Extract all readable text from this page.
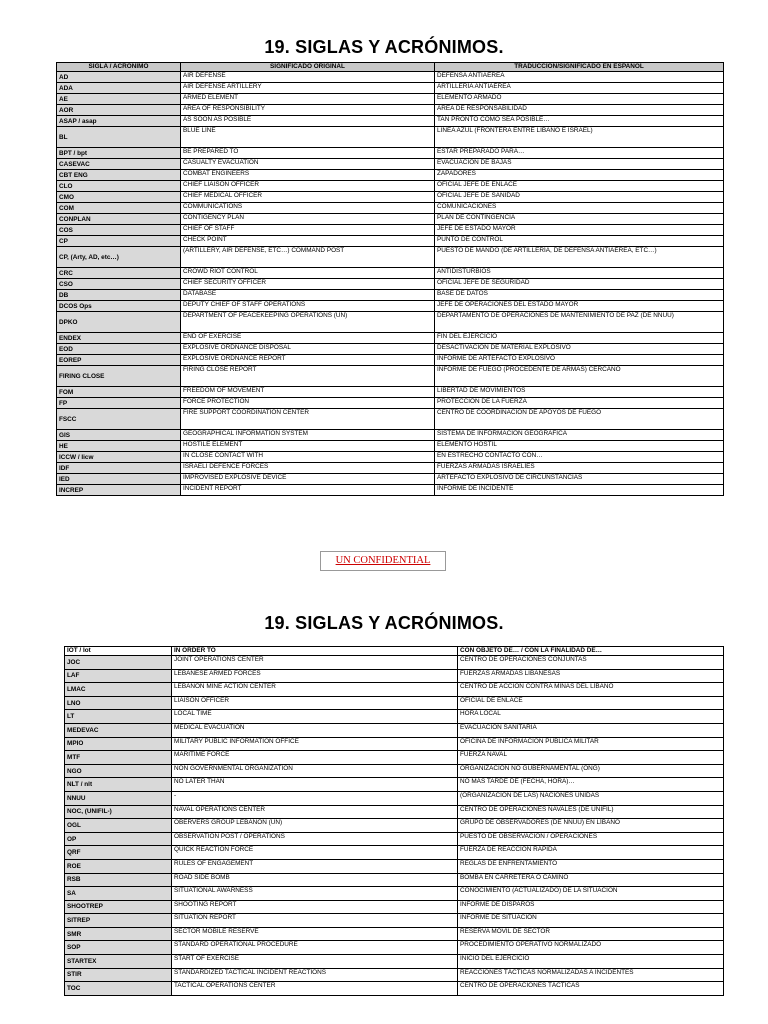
19. SIGLAS Y ACRÓNIMOS.
SIGLA / ACRÓNIMO	SIGNIFICADO ORIGINAL	TRADUCCIÓN/SIGNIFICADO EN ESPAÑOL
AD	AIR DEFENSE	DEFENSA ANTIAÉREA
ADA	AIR DEFENSE ARTILLERY	ARTILLERÍA ANTIAÉREA
AE	ARMED ELEMENT	ELEMENTO ARMADO
AOR	AREA OF RESPONSIBILITY	AREA DE RESPONSABILIDAD
ASAP / asap	AS SOON AS POSIBLE	TAN PRONTO COMO SEA POSIBLE…
BL	BLUE LINE	LINEA AZUL (FRONTERA ENTRE LIBANO E ISRAEL)
BPT / bpt	BE PREPARED TO	ESTAR PREPARADO PARA…
CASEVAC	CASUALTY EVACUATION	EVACUACIÓN DE BAJAS
CBT ENG	COMBAT ENGINEERS	ZAPADORES
CLO	CHIEF LIAISON OFFICER	OFICIAL JEFE DE ENLACE
CMO	CHIEF MEDICAL OFFICER	OFICIAL JEFE DE SANIDAD
COM	COMMUNICATIONS	COMUNICACIONES
CONPLAN	CONTIGENCY PLAN	PLAN DE CONTINGENCIA
COS	CHIEF OF STAFF	JEFE DE ESTADO MAYOR
CP	CHECK POINT	PUNTO DE CONTROL
CP, (Arty, AD, etc…)	(ARTILLERY, AIR DEFENSE, ETC…) COMMAND POST	PUESTO DE MANDO (DE ARTILLERÍA, DE DEFENSA ANTIAÉREA, ETC…)
CRC	CROWD RIOT CONTROL	ANTIDISTURBIOS
CSO	CHIEF SECURITY OFFICER	OFICIAL JEFE DE SEGURIDAD
DB	DATABASE	BASE DE DATOS
DCOS Ops	DEPUTY CHIEF OF STAFF OPERATIONS	JEFE DE OPERACIONES DEL ESTADO MAYOR
DPKO	DEPARTMENT OF PEACEKEEPING OPERATIONS (UN)	DEPARTAMENTO DE OPERACIONES DE MANTENIMIENTO DE PAZ (DE NNUU)
ENDEX	END OF EXERCISE	FIN DEL EJERCICIO
EOD	EXPLOSIVE ORDNANCE DISPOSAL	DESACTIVACIÓN DE MATERIAL EXPLOSIVO
EOREP	EXPLOSIVE ORDNANCE REPORT	INFORME DE ARTEFACTO EXPLOSIVO
FIRING CLOSE	FIRING CLOSE REPORT	INFORME DE FUEGO (PROCEDENTE DE ARMAS) CERCANO
FOM	FREEDOM OF MOVEMENT	LIBERTAD DE MOVIMIENTOS
FP	FORCE PROTECTION	PROTECCIÓN DE LA FUERZA
FSCC	FIRE SUPPORT COORDINATION CENTER	CENTRO DE COORDINACIÓN DE APOYOS DE FUEGO
GIS	GEOGRAPHICAL INFORMATION SYSTEM	SISTEMA DE INFORMACIÓN GEOGRAFICA
HE	HOSTILE ELEMENT	ELEMENTO HOSTIL
ICCW / Iicw	IN CLOSE CONTACT WITH	EN ESTRECHO CONTACTO CON…
IDF	ISRAELI DEFENCE FORCES	FUERZAS ARMADAS ISRAELÍES
IED	IMPROVISED EXPLOSIVE DEVICE	ARTEFACTO EXPLOSIVO DE CIRCUNSTANCIAS
INCREP	INCIDENT REPORT	INFORME DE INCIDENTE
UN CONFIDENTIAL
19. SIGLAS Y ACRÓNIMOS.
IOT / Iot	IN ORDER TO	CON OBJETO DE… / CON LA FINALIDAD DE…
JOC	JOINT OPERATIONS CENTER	CENTRO DE OPERACIONES CONJUNTAS
LAF	LEBANESE ARMED FORCES	FUERZAS ARMADAS LIBANESAS
LMAC	LEBANON MINE ACTION CENTER	CENTRO DE ACCIÓN CONTRA MINAS DEL LÍBANO
LNO	LIAISON OFFICER	OFICIAL DE ENLACE
LT	LOCAL TIME	HORA LOCAL
MEDEVAC	MEDICAL EVACUATION	EVACUACIÓN SANITARIA
MPIO	MILITARY PUBLIC INFORMATION OFFICE	OFICINA DE INFORMACIÓN PUBLICA MILITAR
MTF	MARITIME FORCE	FUERZA NAVAL
NGO	NON GOVERNMENTAL ORGANIZATION	ORGANIZACIÓN NO GUBERNAMENTAL (ONG)
NLT / nlt	NO LATER THAN	NO MÁS TARDE DE (FECHA, HORA)…
NNUU	-	(ORGANIZACIÓN DE LAS) NACIONES UNIDAS
NOC, (UNIFIL-)	NAVAL OPERATIONS CENTER	CENTRO DE OPERACIONES NAVALES (DE UNIFIL)
OGL	OBERVERS GROUP LEBANON (UN)	GRUPO DE OBSERVADORES (DE NNUU) EN LÍBANO
OP	OBSERVATION POST / OPERATIONS	PUESTO DE OBSERVACIÓN / OPERACIONES
QRF	QUICK REACTION FORCE	FUERZA DE REACCIÓN RÁPIDA
ROE	RULES OF ENGAGEMENT	REGLAS DE ENFRENTAMIENTO
RSB	ROAD SIDE BOMB	BOMBA EN CARRETERA O CAMINO
SA	SITUATIONAL AWARNESS	CONOCIMIENTO (ACTUALIZADO) DE LA SITUACIÓN
SHOOTREP	SHOOTING REPORT	INFORME DE DISPAROS
SITREP	SITUATION REPORT	INFORME DE SITUACIÓN
SMR	SECTOR MOBILE RESERVE	RESERVA MOVIL DE SECTOR
SOP	STANDARD OPERATIONAL PROCEDURE	PROCEDIMIENTO OPERATIVO NORMALIZADO
STARTEX	START OF EXERCISE	INICIO DEL EJERCICIO
STIR	STANDARDIZED TACTICAL INCIDENT REACTIONS	REACCIONES TÁCTICAS NORMALIZADAS A INCIDENTES
TOC	TACTICAL OPERATIONS CENTER	CENTRO DE OPERACIONES TÁCTICAS
